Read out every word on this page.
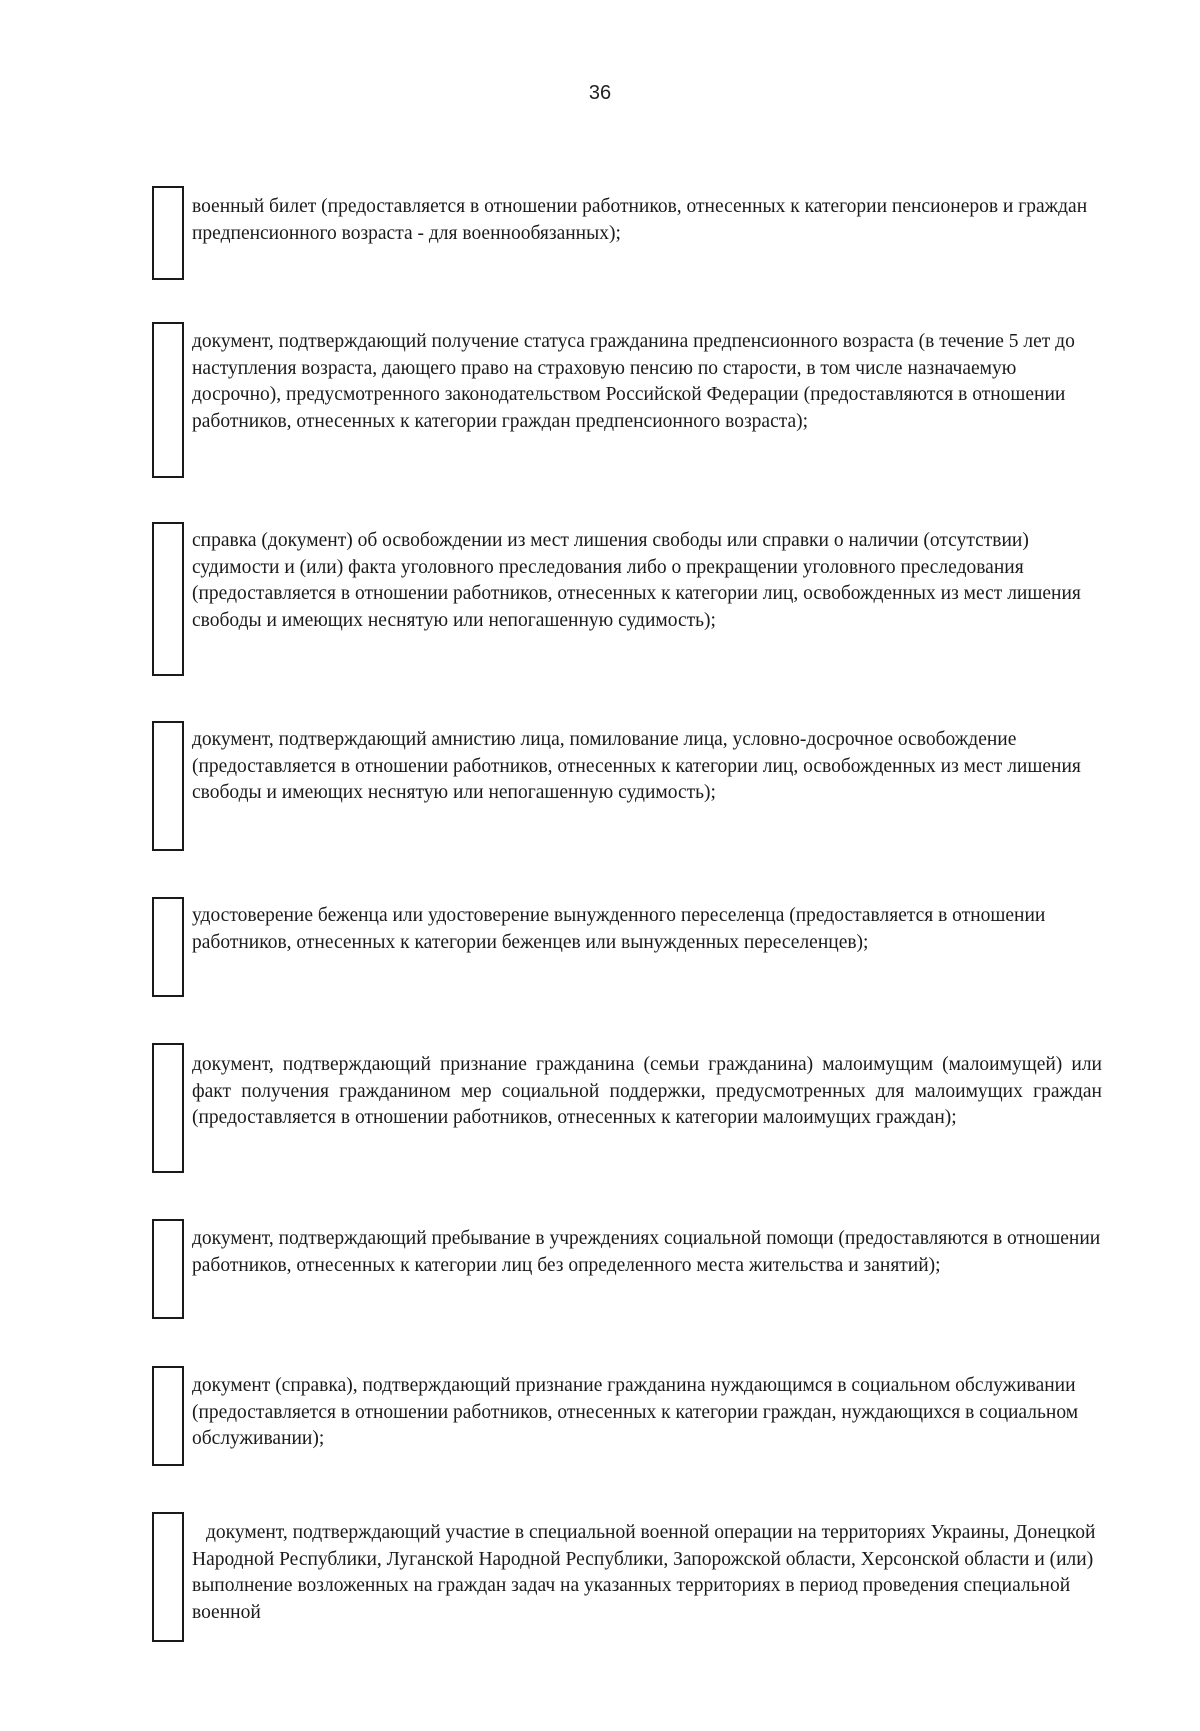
36

военный билет (предоставляется в отношении работников, отнесенных к категории пенсионеров и граждан предпенсионного возраста - для военнообязанных);

документ, подтверждающий получение статуса гражданина предпенсионного возраста (в течение 5 лет до наступления возраста, дающего право на страховую пенсию по старости, в том числе назначаемую досрочно), предусмотренного законодательством Российской Федерации (предоставляются в отношении работников, отнесенных к категории граждан предпенсионного возраста);

справка (документ) об освобождении из мест лишения свободы или справки о наличии (отсутствии) судимости и (или) факта уголовного преследования либо о прекращении уголовного преследования (предоставляется в отношении работников, отнесенных к категории лиц, освобожденных из мест лишения свободы и имеющих неснятую или непогашенную судимость);

документ, подтверждающий амнистию лица, помилование лица, условно-досрочное освобождение (предоставляется в отношении работников, отнесенных к категории лиц, освобожденных из мест лишения свободы и имеющих неснятую или непогашенную судимость);

удостоверение беженца или удостоверение вынужденного переселенца (предоставляется в отношении работников, отнесенных к категории беженцев или вынужденных переселенцев);

документ, подтверждающий признание гражданина (семьи гражданина) малоимущим (малоимущей) или факт получения гражданином мер социальной поддержки, предусмотренных для малоимущих граждан (предоставляется в отношении работников, отнесенных к категории малоимущих граждан);

документ, подтверждающий пребывание в учреждениях социальной помощи (предоставляются в отношении работников, отнесенных к категории лиц без определенного места жительства и занятий);

документ (справка), подтверждающий признание гражданина нуждающимся в социальном обслуживании (предоставляется в отношении работников, отнесенных к категории граждан, нуждающихся в социальном обслуживании);

документ, подтверждающий участие в специальной военной операции на территориях Украины, Донецкой Народной Республики, Луганской Народной Республики, Запорожской области, Херсонской области и (или) выполнение возложенных на граждан задач на указанных территориях в период проведения специальной военной
